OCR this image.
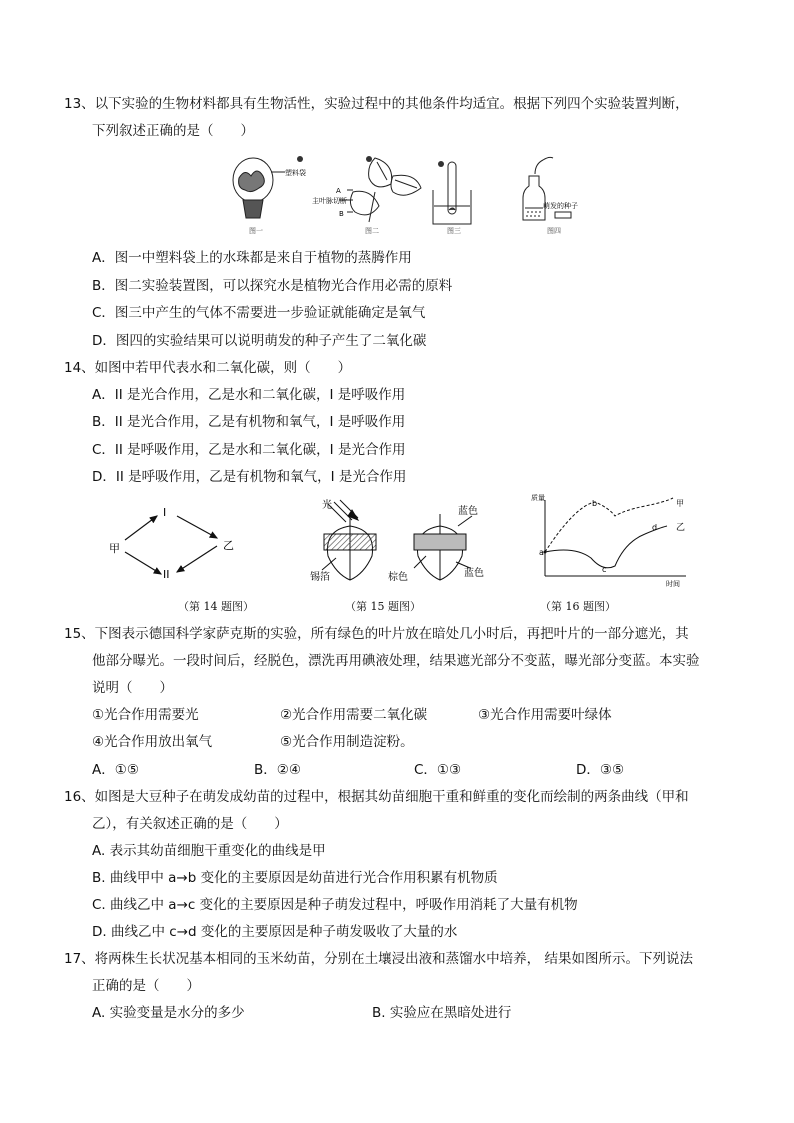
13、以下实验的生物材料都具有生物活性，实验过程中的其他条件均适宜。根据下列四个实验装置判断，
下列叙述正确的是（　　）
塑料袋
图一
A
主叶脉切断
B
图二	图三
萌发的种子
图四
A．图一中塑料袋上的水珠都是来自于植物的蒸腾作用
B．图二实验装置图，可以探究水是植物光合作用必需的原料
C．图三中产生的气体不需要进一步验证就能确定是氧气
D．图四的实验结果可以说明萌发的种子产生了二氧化碳
14、如图中若甲代表水和二氧化碳，则（　　）
A．II 是光合作用，乙是水和二氧化碳，I 是呼吸作用
B．II 是光合作用，乙是有机物和氧气，I 是呼吸作用
C．II 是呼吸作用，乙是水和二氧化碳，I 是光合作用
D．II 是呼吸作用，乙是有机物和氧气，I 是光合作用
I
II
甲	乙
（第 14 题图）
光
蓝色
锡箔	棕色	蓝色
（第 15 题图）
质量
时间
a
b
c
d
甲
乙
（第 16 题图）
15、下图表示德国科学家萨克斯的实验，所有绿色的叶片放在暗处几小时后，再把叶片的一部分遮光，其
他部分曝光。一段时间后，经脱色，漂洗再用碘液处理，结果遮光部分不变蓝，曝光部分变蓝。本实验
说明（　　）
①光合作用需要光	②光合作用需要二氧化碳	③光合作用需要叶绿体
④光合作用放出氧气	⑤光合作用制造淀粉。
A．①⑤	B．②④	C．①③	D．③⑤
16、如图是大豆种子在萌发成幼苗的过程中，根据其幼苗细胞干重和鲜重的变化而绘制的两条曲线（甲和
乙），有关叙述正确的是（　　）
A. 表示其幼苗细胞干重变化的曲线是甲
B. 曲线甲中 a→b 变化的主要原因是幼苗进行光合作用积累有机物质
C. 曲线乙中 a→c 变化的主要原因是种子萌发过程中，呼吸作用消耗了大量有机物
D. 曲线乙中 c→d 变化的主要原因是种子萌发吸收了大量的水
17、将两株生长状况基本相同的玉米幼苗，分别在土壤浸出液和蒸馏水中培养， 结果如图所示。下列说法
正确的是（　　）
A. 实验变量是水分的多少	B. 实验应在黑暗处进行
